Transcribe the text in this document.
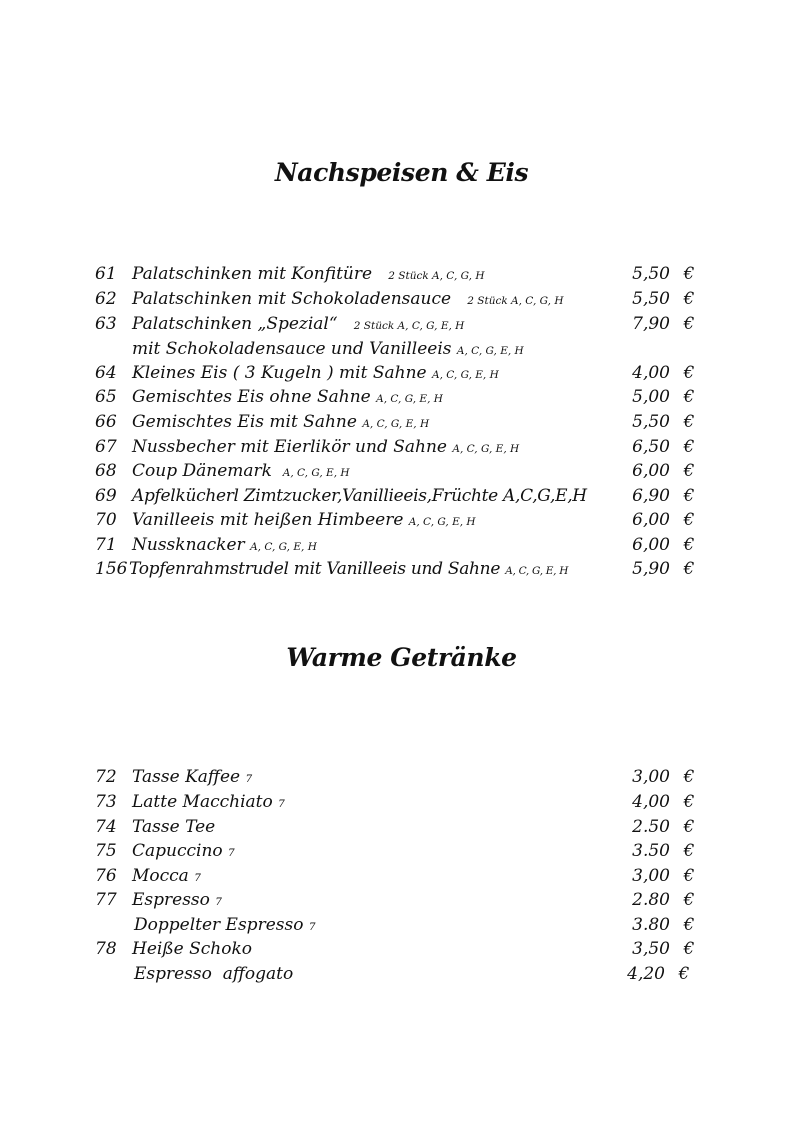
Nachspeisen & Eis
61 Palatschinken mit Konfitüre 2 Stück A, C, G, H	5,50 €
62 Palatschinken mit Schokoladensauce 2 Stück A, C, G, H	5,50 €
63 Palatschinken „Spezial“ 2 Stück A, C, G, E, H	7,90 €
mit Schokoladensauce und Vanilleeis A, C, G, E, H
64 Kleines Eis ( 3 Kugeln ) mit Sahne A, C, G, E, H	4,00 €
65 Gemischtes Eis ohne Sahne A, C, G, E, H	5,00 €
66 Gemischtes Eis mit Sahne A, C, G, E, H	5,50 €
67 Nussbecher mit Eierlikör und Sahne A, C, G, E, H	6,50 €
68 Coup Dänemark A, C, G, E, H	6,00 €
69 Apfelkücherl Zimtzucker,Vanillieeis,Früchte A,C,G,E,H	6,90 €
70 Vanilleeis mit heißen Himbeere A, C, G, E, H	6,00 €
71 Nussknacker A, C, G, E, H	6,00 €
156 Topfenrahmstrudel mit Vanilleeis und Sahne A, C, G, E, H	5,90 €
Warme Getränke
72 Tasse Kaffee 7	3,00 €
73 Latte Macchiato 7	4,00 €
74 Tasse Tee	2.50 €
75 Capuccino 7	3.50 €
76 Mocca 7	3,00 €
77 Espresso 7	2.80 €
Doppelter Espresso 7	3.80 €
78 Heiße Schoko	3,50 €
Espresso  affogato	4,20 €
